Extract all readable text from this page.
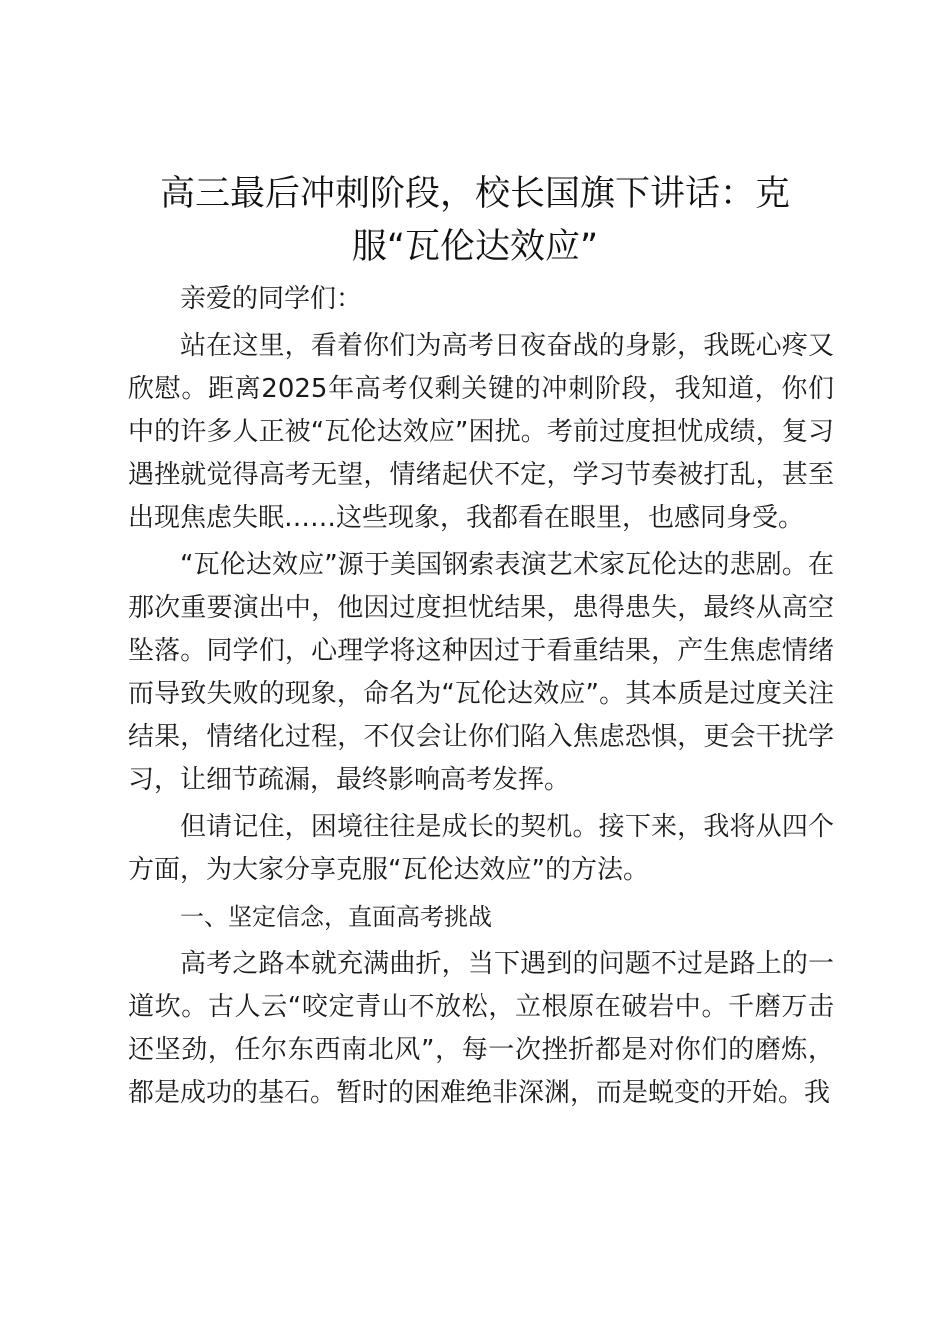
高三最后冲刺阶段，校长国旗下讲话：克服“瓦伦达效应”

亲爱的同学们：

站在这里，看着你们为高考日夜奋战的身影，我既心疼又欣慰。距离2025年高考仅剩关键的冲刺阶段，我知道，你们中的许多人正被“瓦伦达效应”困扰。考前过度担忧成绩，复习遇挫就觉得高考无望，情绪起伏不定，学习节奏被打乱，甚至出现焦虑失眠……这些现象，我都看在眼里，也感同身受。

“瓦伦达效应”源于美国钢索表演艺术家瓦伦达的悲剧。在那次重要演出中，他因过度担忧结果，患得患失，最终从高空坠落。同学们，心理学将这种因过于看重结果，产生焦虑情绪而导致失败的现象，命名为“瓦伦达效应”。其本质是过度关注结果，情绪化过程，不仅会让你们陷入焦虑恐惧，更会干扰学习，让细节疏漏，最终影响高考发挥。

但请记住，困境往往是成长的契机。接下来，我将从四个方面，为大家分享克服“瓦伦达效应”的方法。

一、坚定信念，直面高考挑战

高考之路本就充满曲折，当下遇到的问题不过是路上的一道坎。古人云“咬定青山不放松，立根原在破岩中。千磨万击还坚劲，任尔东西南北风”，每一次挫折都是对你们的磨炼，都是成功的基石。暂时的困难绝非深渊，而是蜕变的开始。我
